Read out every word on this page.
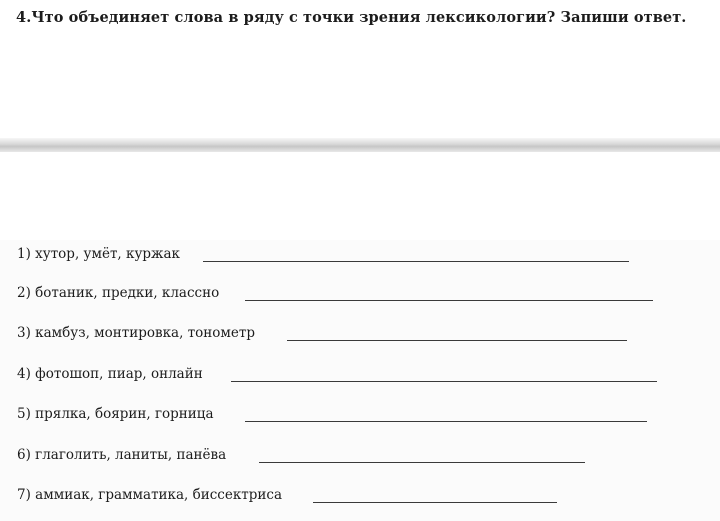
4.Что объединяет слова в ряду с точки зрения лексикологии? Запиши ответ.
1) хутор, умёт, куржак
2) ботаник, предки, классно
3) камбуз, монтировка, тонометр
4) фотошоп, пиар, онлайн
5) прялка, боярин, горница
6) глаголить, ланиты, панёва
7) аммиак, грамматика, биссектриса
